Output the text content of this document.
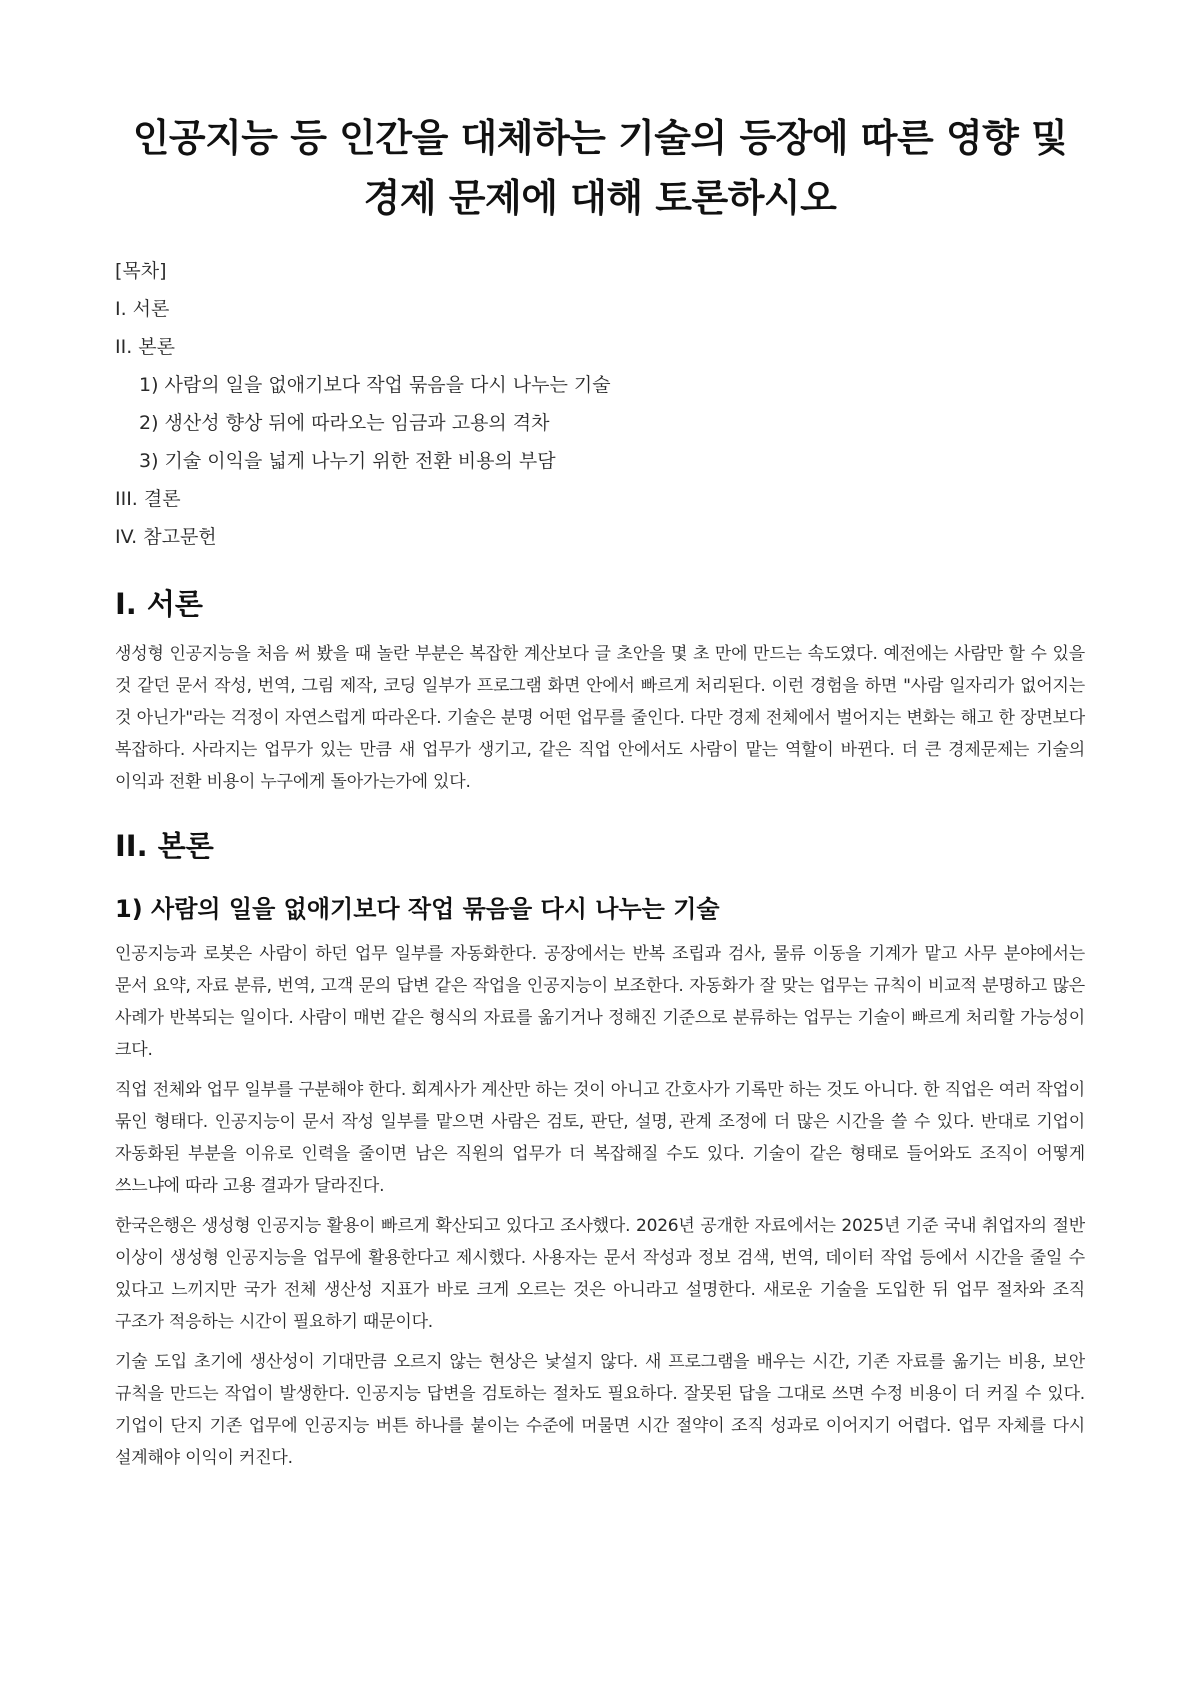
인공지능 등 인간을 대체하는 기술의 등장에 따른 영향 및 경제 문제에 대해 토론하시오
[목차]
I. 서론
II. 본론
1) 사람의 일을 없애기보다 작업 묶음을 다시 나누는 기술
2) 생산성 향상 뒤에 따라오는 임금과 고용의 격차
3) 기술 이익을 넓게 나누기 위한 전환 비용의 부담
III. 결론
IV. 참고문헌
I. 서론

생성형 인공지능을 처음 써 봤을 때 놀란 부분은 복잡한 계산보다 글 초안을 몇 초 만에 만드는 속도였다. 예전에는 사람만 할 수 있을 것 같던 문서 작성, 번역, 그림 제작, 코딩 일부가 프로그램 화면 안에서 빠르게 처리된다. 이런 경험을 하면 "사람 일자리가 없어지는 것 아닌가"라는 걱정이 자연스럽게 따라온다. 기술은 분명 어떤 업무를 줄인다. 다만 경제 전체에서 벌어지는 변화는 해고 한 장면보다 복잡하다. 사라지는 업무가 있는 만큼 새 업무가 생기고, 같은 직업 안에서도 사람이 맡는 역할이 바뀐다. 더 큰 경제문제는 기술의 이익과 전환 비용이 누구에게 돌아가는가에 있다.

II. 본론
1) 사람의 일을 없애기보다 작업 묶음을 다시 나누는 기술

인공지능과 로봇은 사람이 하던 업무 일부를 자동화한다. 공장에서는 반복 조립과 검사, 물류 이동을 기계가 맡고 사무 분야에서는 문서 요약, 자료 분류, 번역, 고객 문의 답변 같은 작업을 인공지능이 보조한다. 자동화가 잘 맞는 업무는 규칙이 비교적 분명하고 많은 사례가 반복되는 일이다. 사람이 매번 같은 형식의 자료를 옮기거나 정해진 기준으로 분류하는 업무는 기술이 빠르게 처리할 가능성이 크다.

직업 전체와 업무 일부를 구분해야 한다. 회계사가 계산만 하는 것이 아니고 간호사가 기록만 하는 것도 아니다. 한 직업은 여러 작업이 묶인 형태다. 인공지능이 문서 작성 일부를 맡으면 사람은 검토, 판단, 설명, 관계 조정에 더 많은 시간을 쓸 수 있다. 반대로 기업이 자동화된 부분을 이유로 인력을 줄이면 남은 직원의 업무가 더 복잡해질 수도 있다. 기술이 같은 형태로 들어와도 조직이 어떻게 쓰느냐에 따라 고용 결과가 달라진다.

한국은행은 생성형 인공지능 활용이 빠르게 확산되고 있다고 조사했다. 2026년 공개한 자료에서는 2025년 기준 국내 취업자의 절반 이상이 생성형 인공지능을 업무에 활용한다고 제시했다. 사용자는 문서 작성과 정보 검색, 번역, 데이터 작업 등에서 시간을 줄일 수 있다고 느끼지만 국가 전체 생산성 지표가 바로 크게 오르는 것은 아니라고 설명한다. 새로운 기술을 도입한 뒤 업무 절차와 조직 구조가 적응하는 시간이 필요하기 때문이다.

기술 도입 초기에 생산성이 기대만큼 오르지 않는 현상은 낯설지 않다. 새 프로그램을 배우는 시간, 기존 자료를 옮기는 비용, 보안 규칙을 만드는 작업이 발생한다. 인공지능 답변을 검토하는 절차도 필요하다. 잘못된 답을 그대로 쓰면 수정 비용이 더 커질 수 있다. 기업이 단지 기존 업무에 인공지능 버튼 하나를 붙이는 수준에 머물면 시간 절약이 조직 성과로 이어지기 어렵다. 업무 자체를 다시 설계해야 이익이 커진다.
